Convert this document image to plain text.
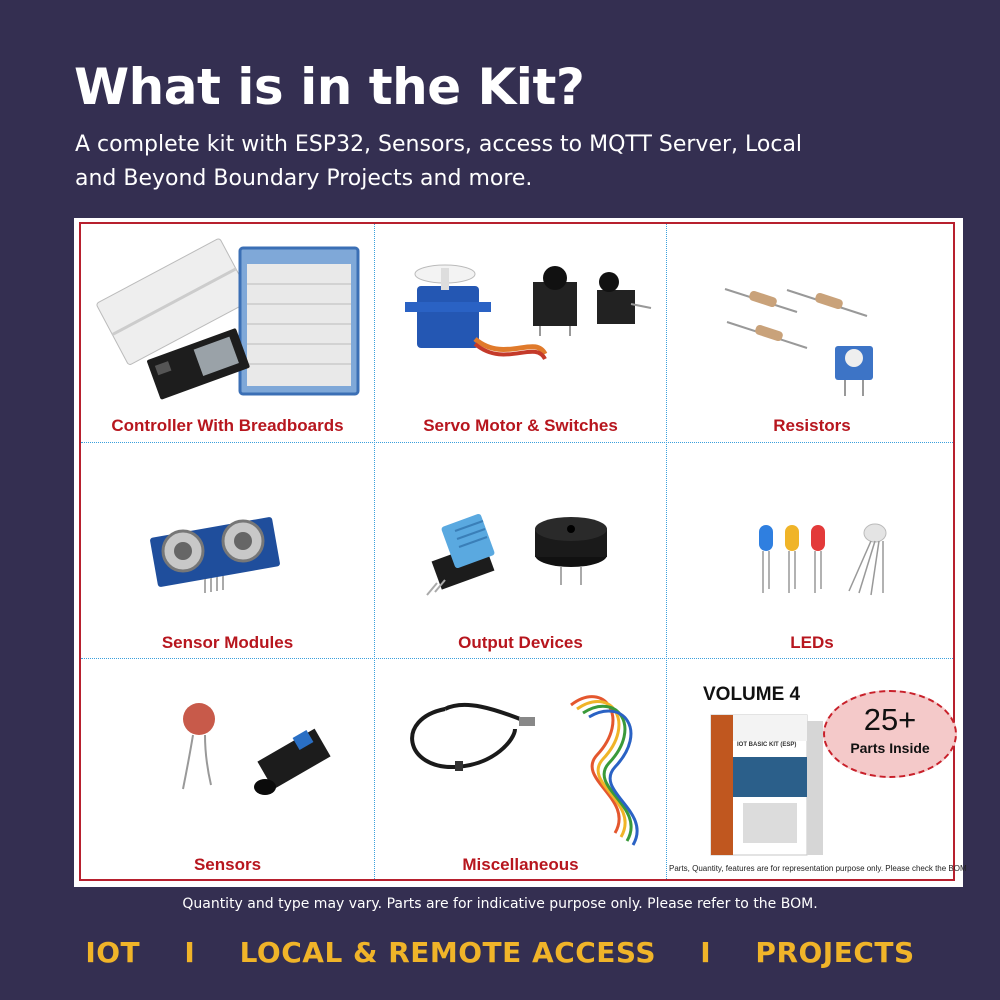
What is in the Kit?
A complete kit with ESP32, Sensors, access to MQTT Server, Local
and Beyond Boundary Projects and more.
Controller With Breadboards	Servo Motor & Switches	Resistors
Sensor Modules	Output Devices	LEDs
Sensors	Miscellaneous
IOT BASIC KIT (ESP)
VOLUME 4
25+
Parts Inside
Parts, Quantity, features are for representation purpose only. Please check the BOM
Quantity and type may vary. Parts are for indicative purpose only. Please refer to the BOM.
IOT I LOCAL & REMOTE ACCESS I PROJECTS
